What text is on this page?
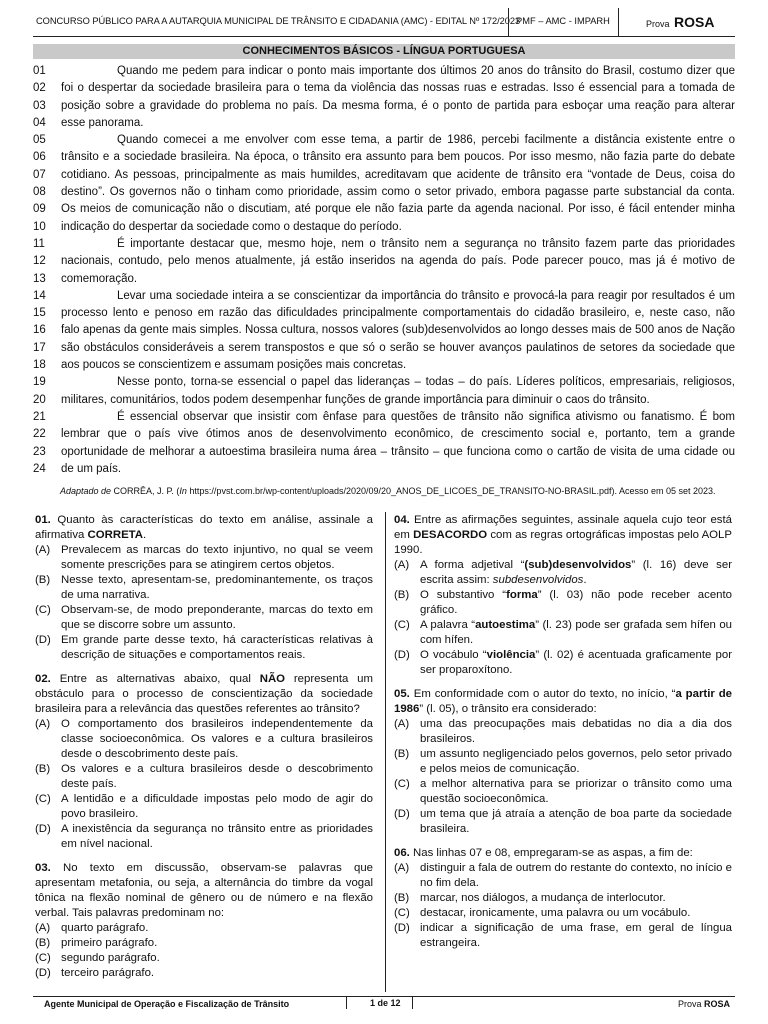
CONCURSO PÚBLICO PARA A AUTARQUIA MUNICIPAL DE TRÂNSITO E CIDADANIA (AMC) - EDITAL Nº 172/2023
PMF – AMC - IMPARH	Prova ROSA
CONHECIMENTOS BÁSICOS - LÍNGUA PORTUGUESA
01	Quando me pedem para indicar o ponto mais importante dos últimos 20 anos do trânsito do Brasil, costumo dizer que
02	foi o despertar da sociedade brasileira para o tema da violência das nossas ruas e estradas. Isso é essencial para a tomada de
03	posição sobre a gravidade do problema no país. Da mesma forma, é o ponto de partida para esboçar uma reação para alterar
04	esse panorama.
05	Quando comecei a me envolver com esse tema, a partir de 1986, percebi facilmente a distância existente entre o
06	trânsito e a sociedade brasileira. Na época, o trânsito era assunto para bem poucos. Por isso mesmo, não fazia parte do debate
07	cotidiano. As pessoas, principalmente as mais humildes, acreditavam que acidente de trânsito era “vontade de Deus, coisa do
08	destino”. Os governos não o tinham como prioridade, assim como o setor privado, embora pagasse parte substancial da conta.
09	Os meios de comunicação não o discutiam, até porque ele não fazia parte da agenda nacional. Por isso, é fácil entender minha
10	indicação do despertar da sociedade como o destaque do período.
11	É importante destacar que, mesmo hoje, nem o trânsito nem a segurança no trânsito fazem parte das prioridades
12	nacionais, contudo, pelo menos atualmente, já estão inseridos na agenda do país. Pode parecer pouco, mas já é motivo de
13	comemoração.
14	Levar uma sociedade inteira a se conscientizar da importância do trânsito e provocá-la para reagir por resultados é um
15	processo lento e penoso em razão das dificuldades principalmente comportamentais do cidadão brasileiro, e, neste caso, não
16	falo apenas da gente mais simples. Nossa cultura, nossos valores (sub)desenvolvidos ao longo desses mais de 500 anos de Nação
17	são obstáculos consideráveis a serem transpostos e que só o serão se houver avanços paulatinos de setores da sociedade que
18	aos poucos se conscientizem e assumam posições mais concretas.
19	Nesse ponto, torna-se essencial o papel das lideranças – todas – do país. Líderes políticos, empresariais, religiosos,
20	militares, comunitários, todos podem desempenhar funções de grande importância para diminuir o caos do trânsito.
21	É essencial observar que insistir com ênfase para questões de trânsito não significa ativismo ou fanatismo. É bom
22	lembrar que o país vive ótimos anos de desenvolvimento econômico, de crescimento social e, portanto, tem a grande
23	oportunidade de melhorar a autoestima brasileira numa área – trânsito – que funciona como o cartão de visita de uma cidade ou
24	de um país.
Adaptado de CORRÊA, J. P. (In https://pvst.com.br/wp-content/uploads/2020/09/20_ANOS_DE_LICOES_DE_TRANSITO-NO-BRASIL.pdf). Acesso em 05 set 2023.
01. Quanto às características do texto em análise, assinale a afirmativa CORRETA.
(A) Prevalecem as marcas do texto injuntivo, no qual se veem somente prescrições para se atingirem certos objetos.
(B) Nesse texto, apresentam-se, predominantemente, os traços de uma narrativa.
(C) Observam-se, de modo preponderante, marcas do texto em que se discorre sobre um assunto.
(D) Em grande parte desse texto, há características relativas à descrição de situações e comportamentos reais.
02. Entre as alternativas abaixo, qual NÃO representa um obstáculo para o processo de conscientização da sociedade brasileira para a relevância das questões referentes ao trânsito?
(A) O comportamento dos brasileiros independentemente da classe socioeconômica. Os valores e a cultura brasileiros desde o descobrimento deste país.
(B) Os valores e a cultura brasileiros desde o descobrimento deste país.
(C) A lentidão e a dificuldade impostas pelo modo de agir do povo brasileiro.
(D) A inexistência da segurança no trânsito entre as prioridades em nível nacional.
03. No texto em discussão, observam-se palavras que apresentam metafonia, ou seja, a alternância do timbre da vogal tônica na flexão nominal de gênero ou de número e na flexão verbal. Tais palavras predominam no:
(A) quarto parágrafo.
(B) primeiro parágrafo.
(C) segundo parágrafo.
(D) terceiro parágrafo.
04. Entre as afirmações seguintes, assinale aquela cujo teor está em DESACORDO com as regras ortográficas impostas pelo AOLP 1990.
(A) A forma adjetival “(sub)desenvolvidos” (l. 16) deve ser escrita assim: subdesenvolvidos.
(B) O substantivo “forma” (l. 03) não pode receber acento gráfico.
(C) A palavra “autoestima” (l. 23) pode ser grafada sem hífen ou com hífen.
(D) O vocábulo “violência” (l. 02) é acentuada graficamente por ser proparoxítono.
05. Em conformidade com o autor do texto, no início, “a partir de 1986” (l. 05), o trânsito era considerado:
(A) uma das preocupações mais debatidas no dia a dia dos brasileiros.
(B) um assunto negligenciado pelos governos, pelo setor privado e pelos meios de comunicação.
(C) a melhor alternativa para se priorizar o trânsito como uma questão socioeconômica.
(D) um tema que já atraía a atenção de boa parte da sociedade brasileira.
06. Nas linhas 07 e 08, empregaram-se as aspas, a fim de:
(A) distinguir a fala de outrem do restante do contexto, no início e no fim dela.
(B) marcar, nos diálogos, a mudança de interlocutor.
(C) destacar, ironicamente, uma palavra ou um vocábulo.
(D) indicar a significação de uma frase, em geral de língua estrangeira.
Agente Municipal de Operação e Fiscalização de Trânsito	1 de 12	Prova ROSA
